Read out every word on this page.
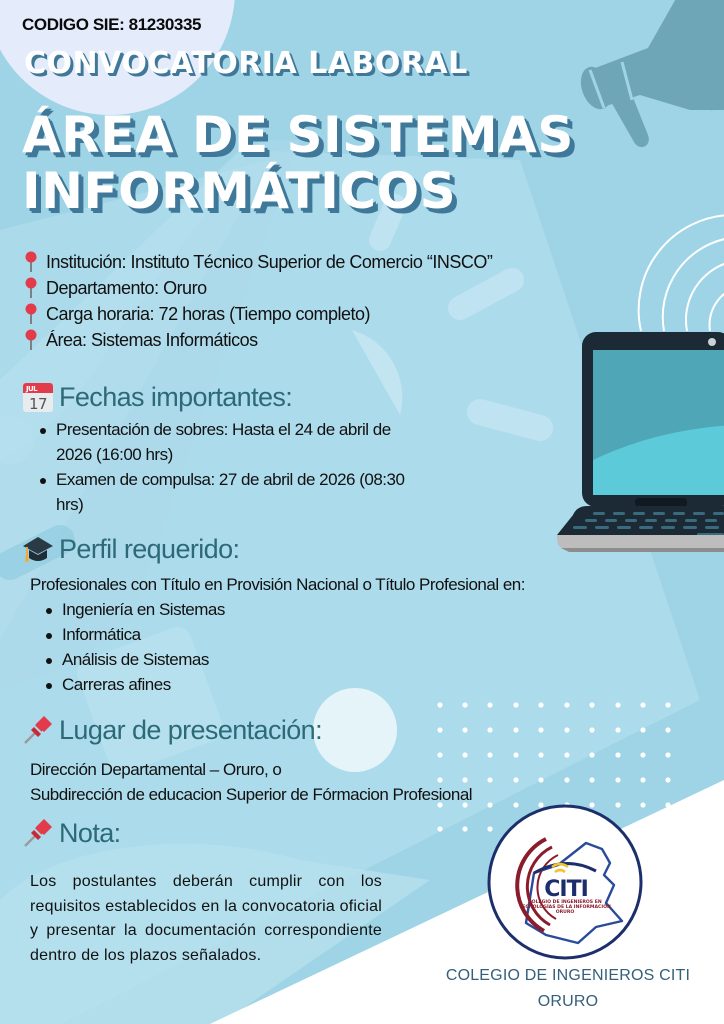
CODIGO SIE: 81230335
CONVOCATORIA LABORAL
ÁREA DE SISTEMAS
INFORMÁTICOS
Institución: Instituto Técnico Superior de Comercio “INSCO”
Departamento: Oruro
Carga horaria: 72 horas (Tiempo completo)
Área: Sistemas Informáticos
JUL
17 Fechas importantes:
Presentación de sobres: Hasta el 24 de abril de
2026 (16:00 hrs)
Examen de compulsa: 27 de abril de 2026 (08:30
hrs)
Perfil requerido:
Profesionales con Título en Provisión Nacional o Título Profesional en:
Ingeniería en Sistemas
Informática
Análisis de Sistemas
Carreras afines
Lugar de presentación:
Dirección Departamental – Oruro, o
Subdirección de educacion Superior de Fórmacion Profesional
Nota:

Los postulantes deberán cumplir con los requisitos establecidos en la convocatoria oficial y presentar la documentación correspondiente dentro de los plazos señalados.

CITI
COLEGIO DE INGENIEROS EN
TECNOLOGÍAS DE LA INFORMACIÓN
ORURO
COLEGIO DE INGENIEROS CITI
ORURO
